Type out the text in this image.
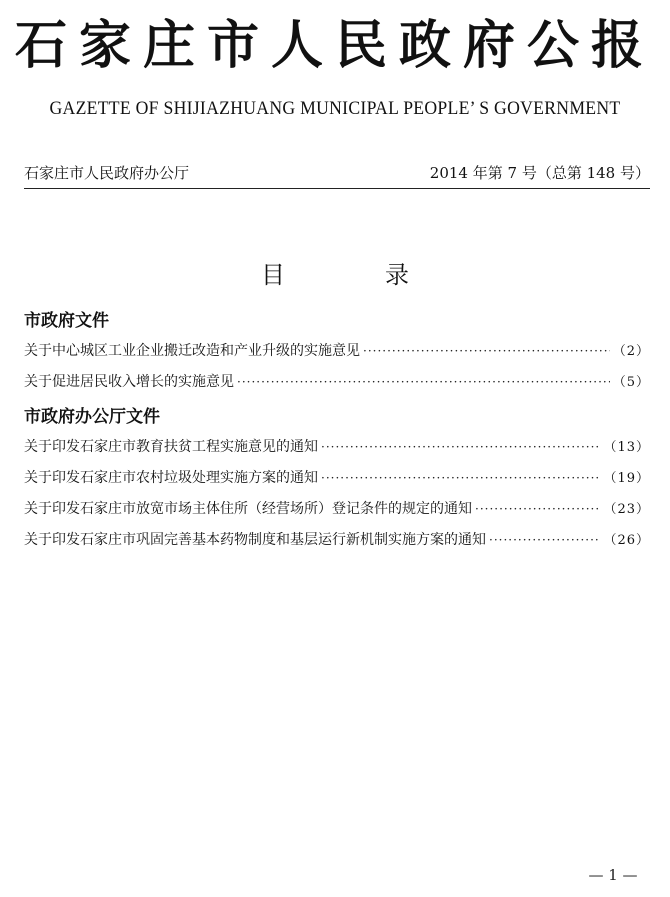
石家庄市人民政府公报
GAZETTE OF SHIJIAZHUANG MUNICIPAL PEOPLE’ S GOVERNMENT
石家庄市人民政府办公厅	2014 年第 7 号（总第 148 号）
目　录
市政府文件
关于中心城区工业企业搬迁改造和产业升级的实施意见 ·····	（2）
关于促进居民收入增长的实施意见 ·····	（5）
市政府办公厅文件
关于印发石家庄市教育扶贫工程实施意见的通知 ·····	（13）
关于印发石家庄市农村垃圾处理实施方案的通知 ·····	（19）
关于印发石家庄市放宽市场主体住所（经营场所）登记条件的规定的通知 ·····	（23）
关于印发石家庄市巩固完善基本药物制度和基层运行新机制实施方案的通知 ·····	（26）
— 1 —
